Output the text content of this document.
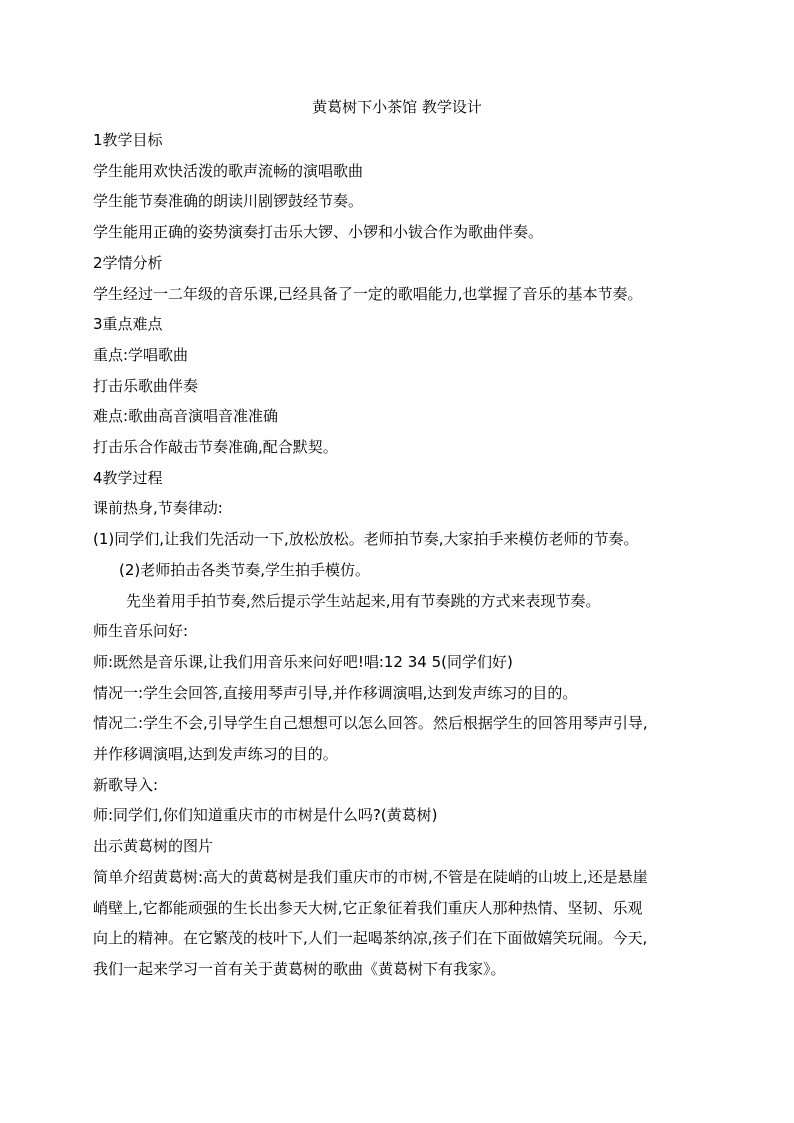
黄葛树下小茶馆 教学设计
1教学目标
学生能用欢快活泼的歌声流畅的演唱歌曲
学生能节奏准确的朗读川剧锣鼓经节奏。
学生能用正确的姿势演奏打击乐大锣、小锣和小钹合作为歌曲伴奏。
2学情分析
学生经过一二年级的音乐课,已经具备了一定的歌唱能力,也掌握了音乐的基本节奏。
3重点难点
重点:学唱歌曲
打击乐歌曲伴奏
难点:歌曲高音演唱音准准确
打击乐合作敲击节奏准确,配合默契。
4教学过程
课前热身,节奏律动:
(1)同学们,让我们先活动一下,放松放松。老师拍节奏,大家拍手来模仿老师的节奏。
(2)老师拍击各类节奏,学生拍手模仿。
先坐着用手拍节奏,然后提示学生站起来,用有节奏跳的方式来表现节奏。
师生音乐问好:
师:既然是音乐课,让我们用音乐来问好吧!唱:12 34 5(同学们好)
情况一:学生会回答,直接用琴声引导,并作移调演唱,达到发声练习的目的。
情况二:学生不会,引导学生自己想想可以怎么回答。然后根据学生的回答用琴声引导,
并作移调演唱,达到发声练习的目的。
新歌导入:
师:同学们,你们知道重庆市的市树是什么吗?(黄葛树)
出示黄葛树的图片
简单介绍黄葛树:高大的黄葛树是我们重庆市的市树,不管是在陡峭的山坡上,还是悬崖
峭壁上,它都能顽强的生长出参天大树,它正象征着我们重庆人那种热情、坚韧、乐观
向上的精神。在它繁茂的枝叶下,人们一起喝茶纳凉,孩子们在下面做嬉笑玩闹。今天,
我们一起来学习一首有关于黄葛树的歌曲《黄葛树下有我家》。
